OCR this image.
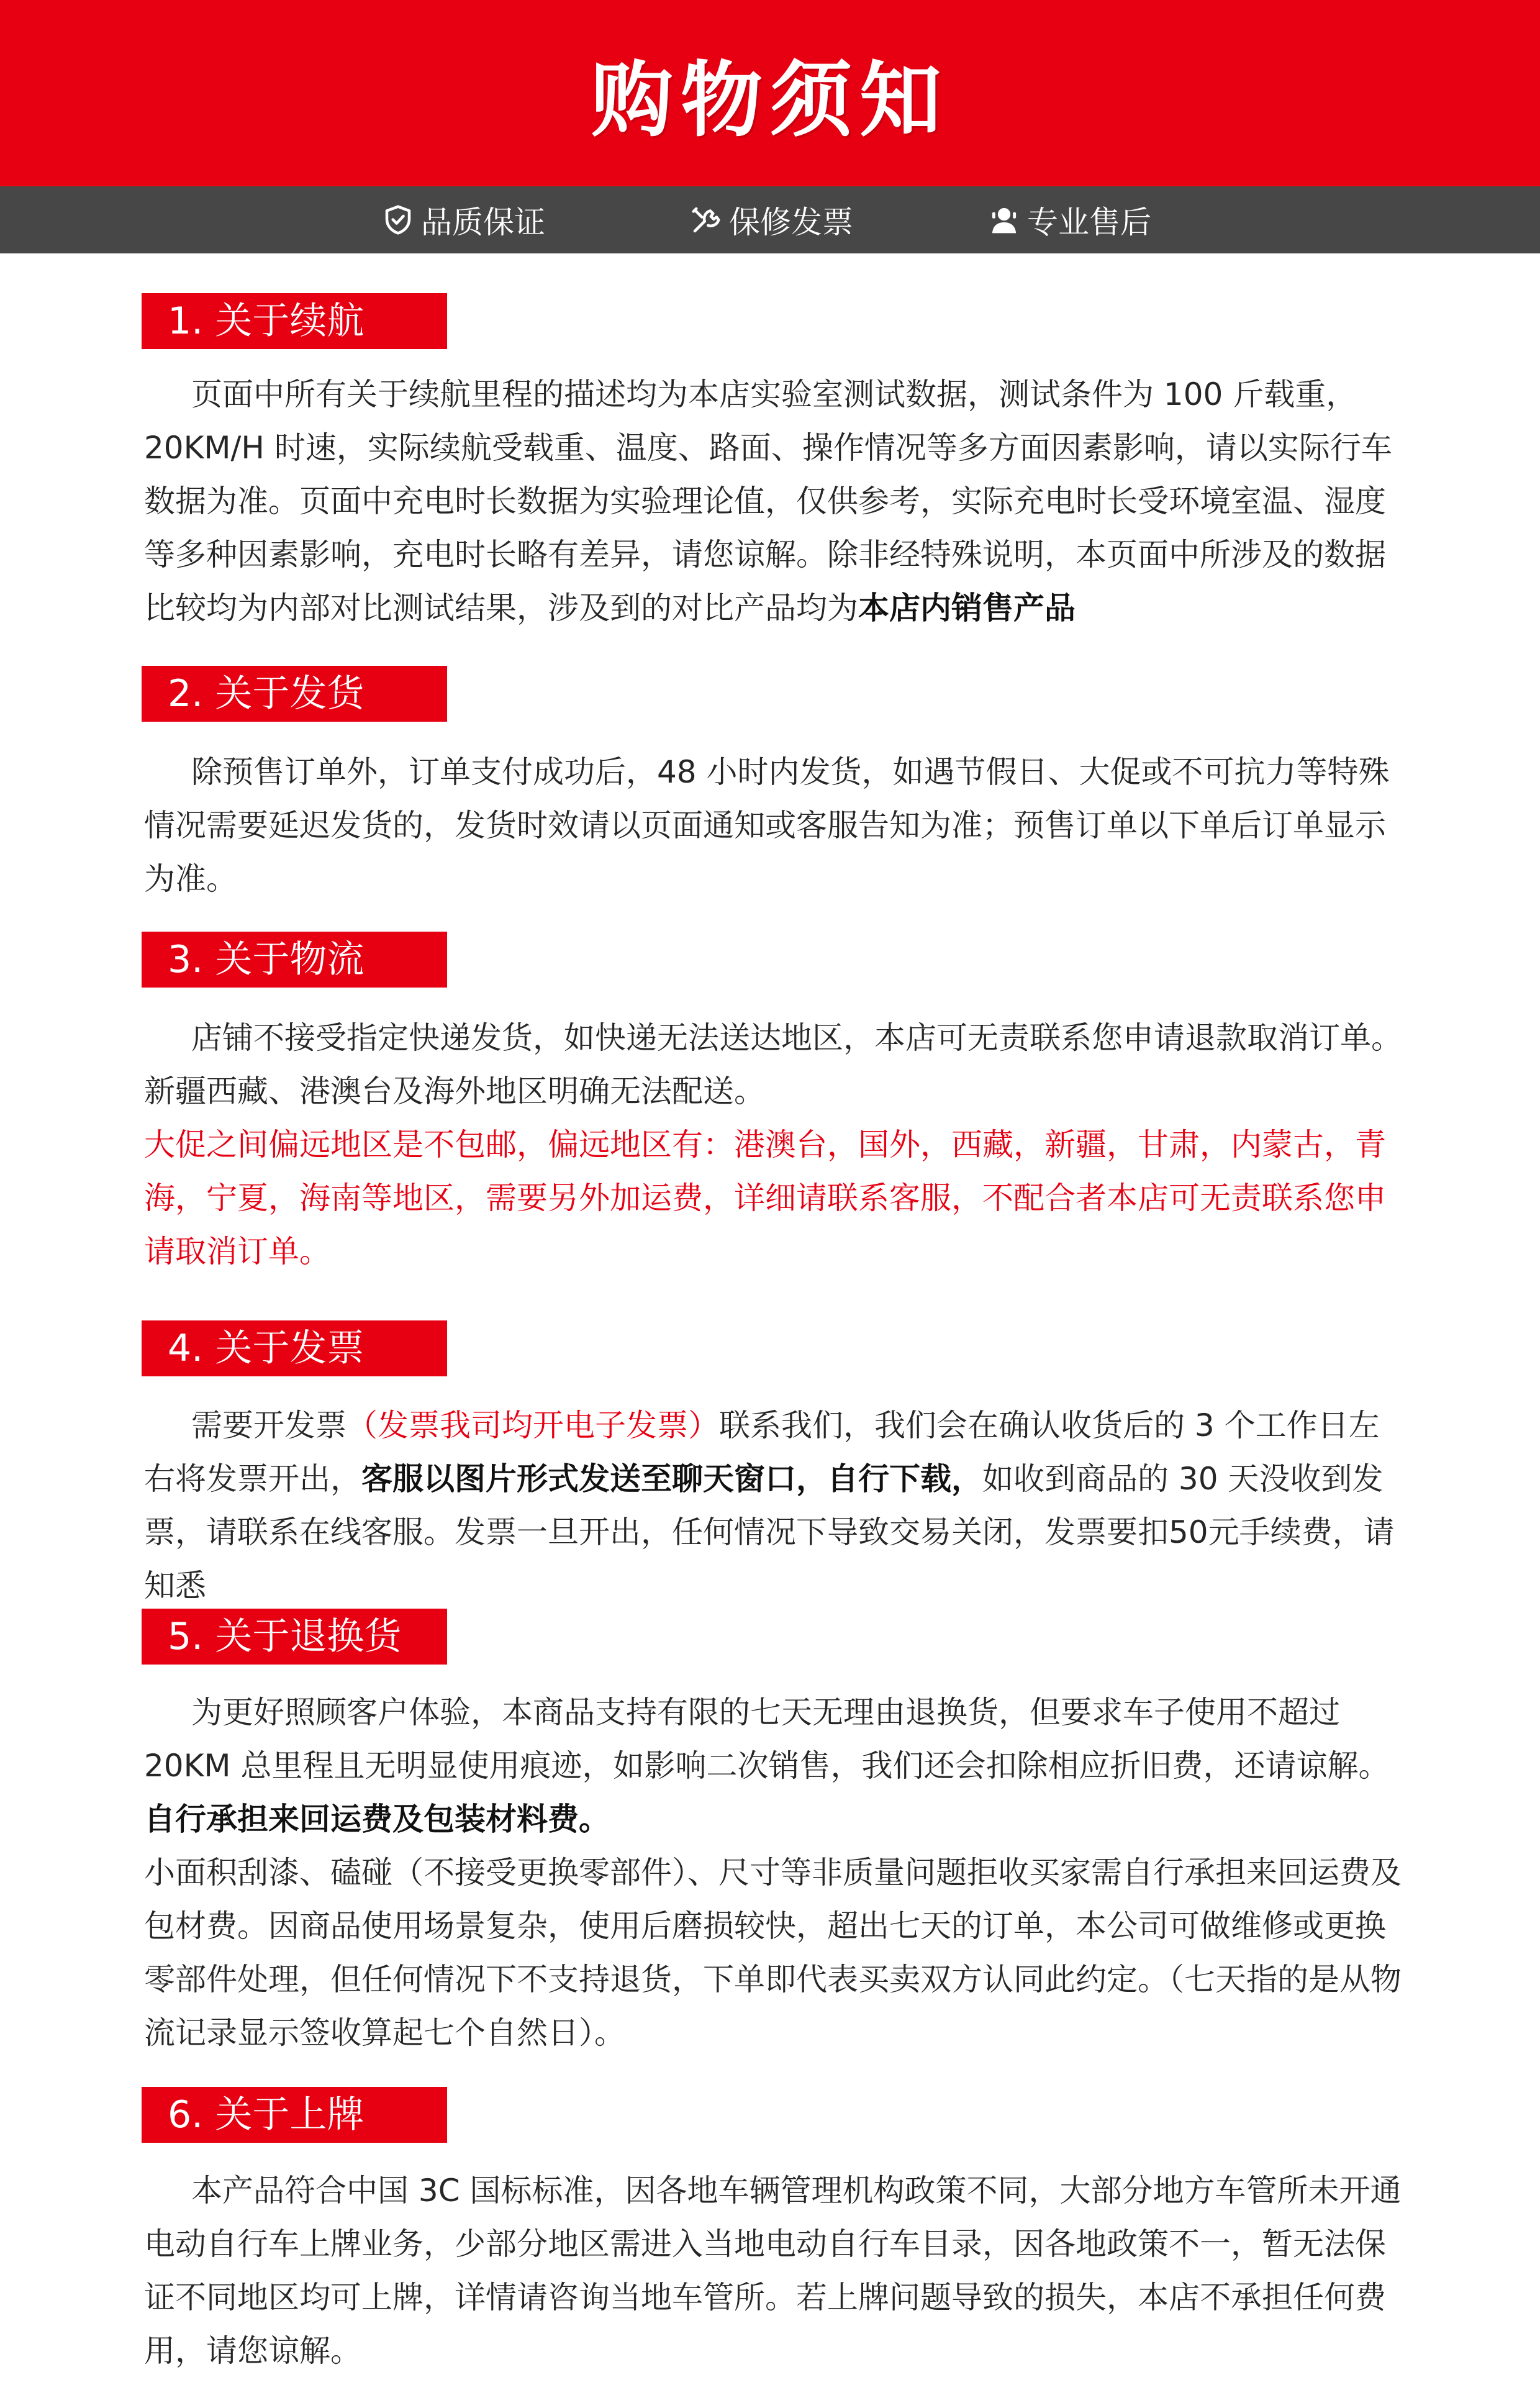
购物须知
品质保证	保修发票	专业售后
1. 关于续航

页面中所有关于续航里程的描述均为本店实验室测试数据，测试条件为 100 斤载重，20KM/H 时速，实际续航受载重、温度、路面、操作情况等多方面因素影响，请以实际行车数据为准。页面中充电时长数据为实验理论值，仅供参考，实际充电时长受环境室温、湿度等多种因素影响，充电时长略有差异，请您谅解。除非经特殊说明，本页面中所涉及的数据比较均为内部对比测试结果，涉及到的对比产品均为本店内销售产品

2. 关于发货

除预售订单外，订单支付成功后，48 小时内发货，如遇节假日、大促或不可抗力等特殊情况需要延迟发货的，发货时效请以页面通知或客服告知为准；预售订单以下单后订单显示为准。

3. 关于物流

店铺不接受指定快递发货，如快递无法送达地区，本店可无责联系您申请退款取消订单。新疆西藏、港澳台及海外地区明确无法配送。

大促之间偏远地区是不包邮，偏远地区有：港澳台，国外，西藏，新疆，甘肃，内蒙古，青海，宁夏，海南等地区，需要另外加运费，详细请联系客服，不配合者本店可无责联系您申请取消订单。

4. 关于发票

需要开发票（发票我司均开电子发票）联系我们，我们会在确认收货后的 3 个工作日左右将发票开出，客服以图片形式发送至聊天窗口，自行下载，如收到商品的 30 天没收到发票，请联系在线客服。发票一旦开出，任何情况下导致交易关闭，发票要扣50元手续费，请知悉

5. 关于退换货

为更好照顾客户体验，本商品支持有限的七天无理由退换货，但要求车子使用不超过 20KM 总里程且无明显使用痕迹，如影响二次销售，我们还会扣除相应折旧费，还请谅解。自行承担来回运费及包装材料费。

小面积刮漆、磕碰（不接受更换零部件）、尺寸等非质量问题拒收买家需自行承担来回运费及包材费。因商品使用场景复杂，使用后磨损较快，超出七天的订单，本公司可做维修或更换零部件处理，但任何情况下不支持退货，下单即代表买卖双方认同此约定。（七天指的是从物流记录显示签收算起七个自然日）。

6. 关于上牌

本产品符合中国 3C 国标标准，因各地车辆管理机构政策不同，大部分地方车管所未开通电动自行车上牌业务，少部分地区需进入当地电动自行车目录，因各地政策不一，暂无法保证不同地区均可上牌，详情请咨询当地车管所。若上牌问题导致的损失，本店不承担任何费用，请您谅解。
